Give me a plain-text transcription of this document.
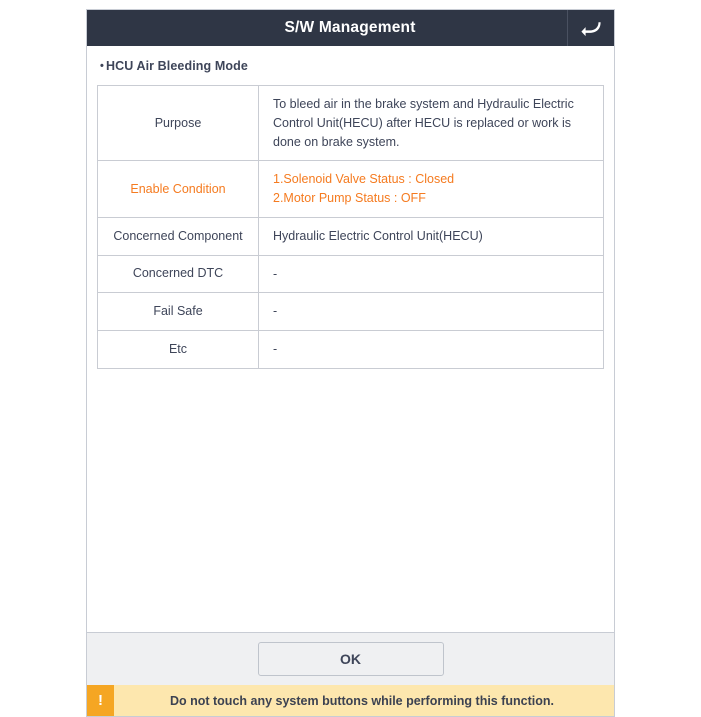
S/W Management
• HCU Air Bleeding Mode
Purpose	To bleed air in the brake system and Hydraulic Electric Control Unit(HECU) after HECU is replaced or work is done on brake system.

Enable Condition	1.Solenoid Valve Status : Closed
2.Motor Pump Status : OFF

Concerned Component	Hydraulic Electric Control Unit(HECU)

Concerned DTC	-

Fail Safe	-

Etc	-
OK
!	Do not touch any system buttons while performing this function.
